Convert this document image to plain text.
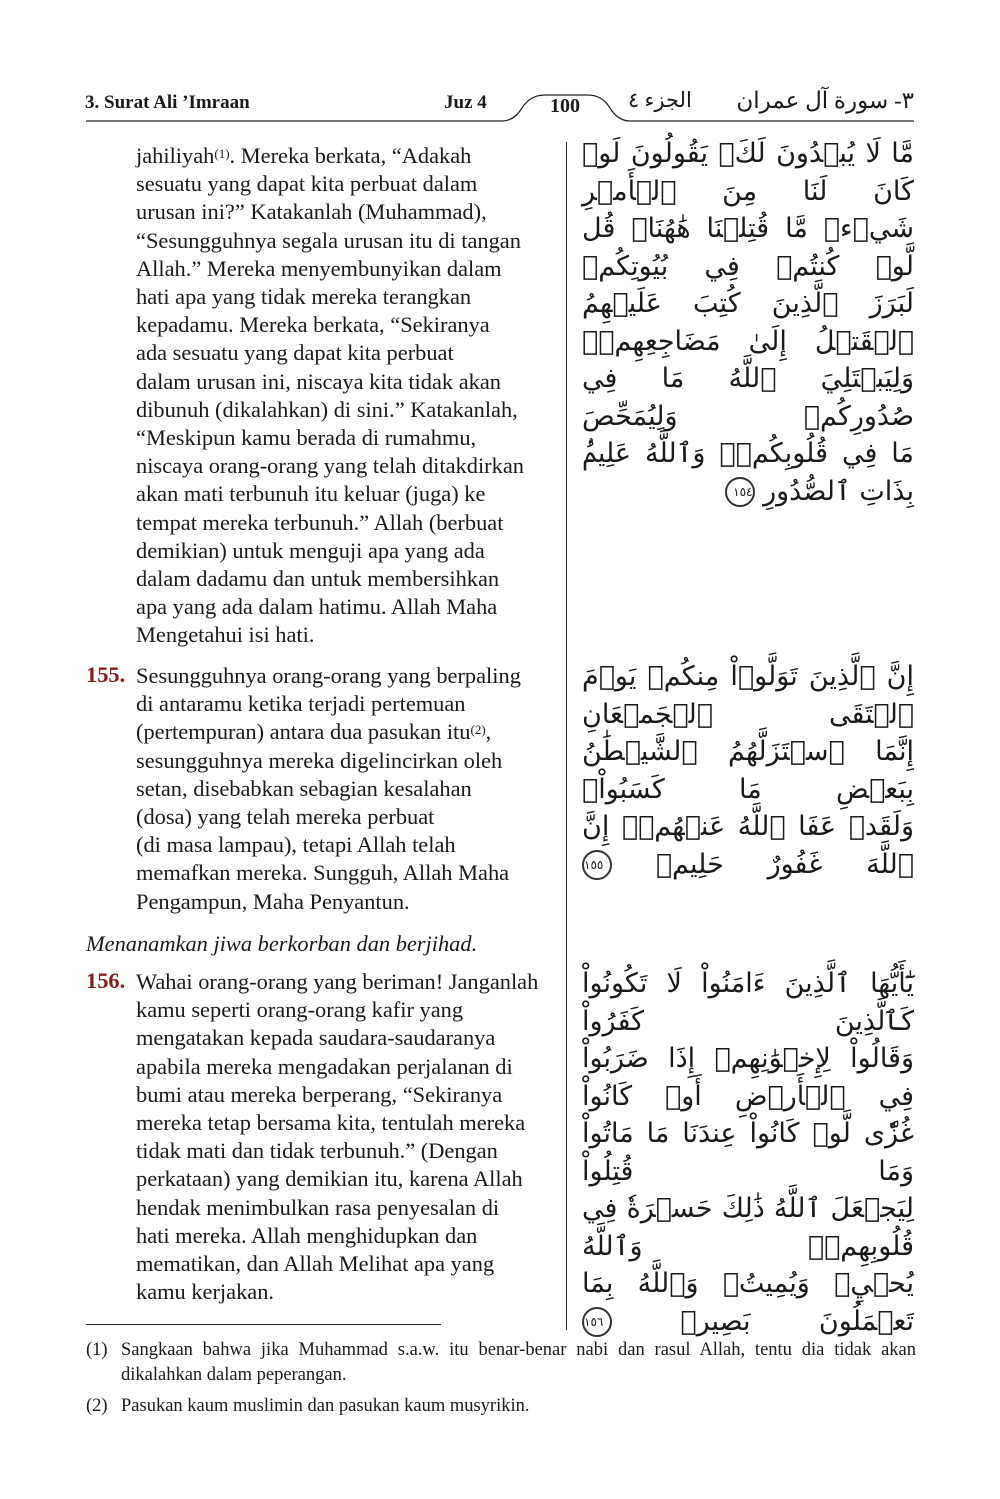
3. Surat Ali ’Imraan	Juz 4	100	الجزء ٤ ٣- سورة آل عمران
jahiliyah$^{(1)}$. Mereka berkata, “Adakah
sesuatu yang dapat kita perbuat dalam
urusan ini?” Katakanlah (Muhammad),
“Sesungguhnya segala urusan itu di tangan
Allah.” Mereka menyembunyikan dalam
hati apa yang tidak mereka terangkan
kepadamu. Mereka berkata, “Sekiranya
ada sesuatu yang dapat kita perbuat
dalam urusan ini, niscaya kita tidak akan
dibunuh (dikalahkan) di sini.” Katakanlah,
“Meskipun kamu berada di rumahmu,
niscaya orang-orang yang telah ditakdirkan
akan mati terbunuh itu keluar (juga) ke
tempat mereka terbunuh.” Allah (berbuat
demikian) untuk menguji apa yang ada
dalam dadamu dan untuk membersihkan
apa yang ada dalam hatimu. Allah Maha
Mengetahui isi hati.
155. Sesungguhnya orang-orang yang berpaling
di antaramu ketika terjadi pertemuan
(pertempuran) antara dua pasukan itu$^{(2)}$,
sesungguhnya mereka digelincirkan oleh
setan, disebabkan sebagian kesalahan
(dosa) yang telah mereka perbuat
(di masa lampau), tetapi Allah telah
memafkan mereka. Sungguh, Allah Maha
Pengampun, Maha Penyantun.
Menanamkan jiwa berkorban dan berjihad.
156. Wahai orang-orang yang beriman! Janganlah
kamu seperti orang-orang kafir yang
mengatakan kepada saudara-saudaranya
apabila mereka mengadakan perjalanan di
bumi atau mereka berperang, “Sekiranya
mereka tetap bersama kita, tentulah mereka
tidak mati dan tidak terbunuh.” (Dengan
perkataan) yang demikian itu, karena Allah
hendak menimbulkan rasa penyesalan di
hati mereka. Allah menghidupkan dan
mematikan, dan Allah Melihat apa yang
kamu kerjakan.
مَّا لَا يُبۡدُونَ لَكَۖ يَقُولُونَ لَوۡ كَانَ لَنَا مِنَ ٱلۡأَمۡرِ
شَيۡءٞ مَّا قُتِلۡنَا هَٰهُنَاۗ قُل لَّوۡ كُنتُمۡ فِي بُيُوتِكُمۡ
لَبَرَزَ ٱلَّذِينَ كُتِبَ عَلَيۡهِمُ ٱلۡقَتۡلُ إِلَىٰ مَضَاجِعِهِمۡۖ
وَلِيَبۡتَلِيَ ٱللَّهُ مَا فِي صُدُورِكُمۡ وَلِيُمَحِّصَ
مَا فِي قُلُوبِكُمۡۚ وَٱللَّهُ عَلِيمُۢ بِذَاتِ ٱلصُّدُورِ ١٥٤
إِنَّ ٱلَّذِينَ تَوَلَّوۡاْ مِنكُمۡ يَوۡمَ ٱلۡتَقَى ٱلۡجَمۡعَانِ
إِنَّمَا ٱسۡتَزَلَّهُمُ ٱلشَّيۡطَٰنُ بِبَعۡضِ مَا كَسَبُواْۖ
وَلَقَدۡ عَفَا ٱللَّهُ عَنۡهُمۡۗ إِنَّ ٱللَّهَ غَفُورٌ حَلِيمٞ ١٥٥
يَٰٓأَيُّهَا ٱلَّذِينَ ءَامَنُواْ لَا تَكُونُواْ كَٱلَّذِينَ كَفَرُواْ
وَقَالُواْ لِإِخۡوَٰنِهِمۡ إِذَا ضَرَبُواْ فِي ٱلۡأَرۡضِ أَوۡ كَانُواْ
غُزّٗى لَّوۡ كَانُواْ عِندَنَا مَا مَاتُواْ وَمَا قُتِلُواْ
لِيَجۡعَلَ ٱللَّهُ ذَٰلِكَ حَسۡرَةٗ فِي قُلُوبِهِمۡۗ وَٱللَّهُ
يُحۡيِۦ وَيُمِيتُۗ وَٱللَّهُ بِمَا تَعۡمَلُونَ بَصِيرٞ ١٥٦
(1) Sangkaan bahwa jika Muhammad s.a.w. itu benar-benar nabi dan rasul Allah, tentu dia tidak akan dikalahkan dalam peperangan.
(2) Pasukan kaum muslimin dan pasukan kaum musyrikin.
